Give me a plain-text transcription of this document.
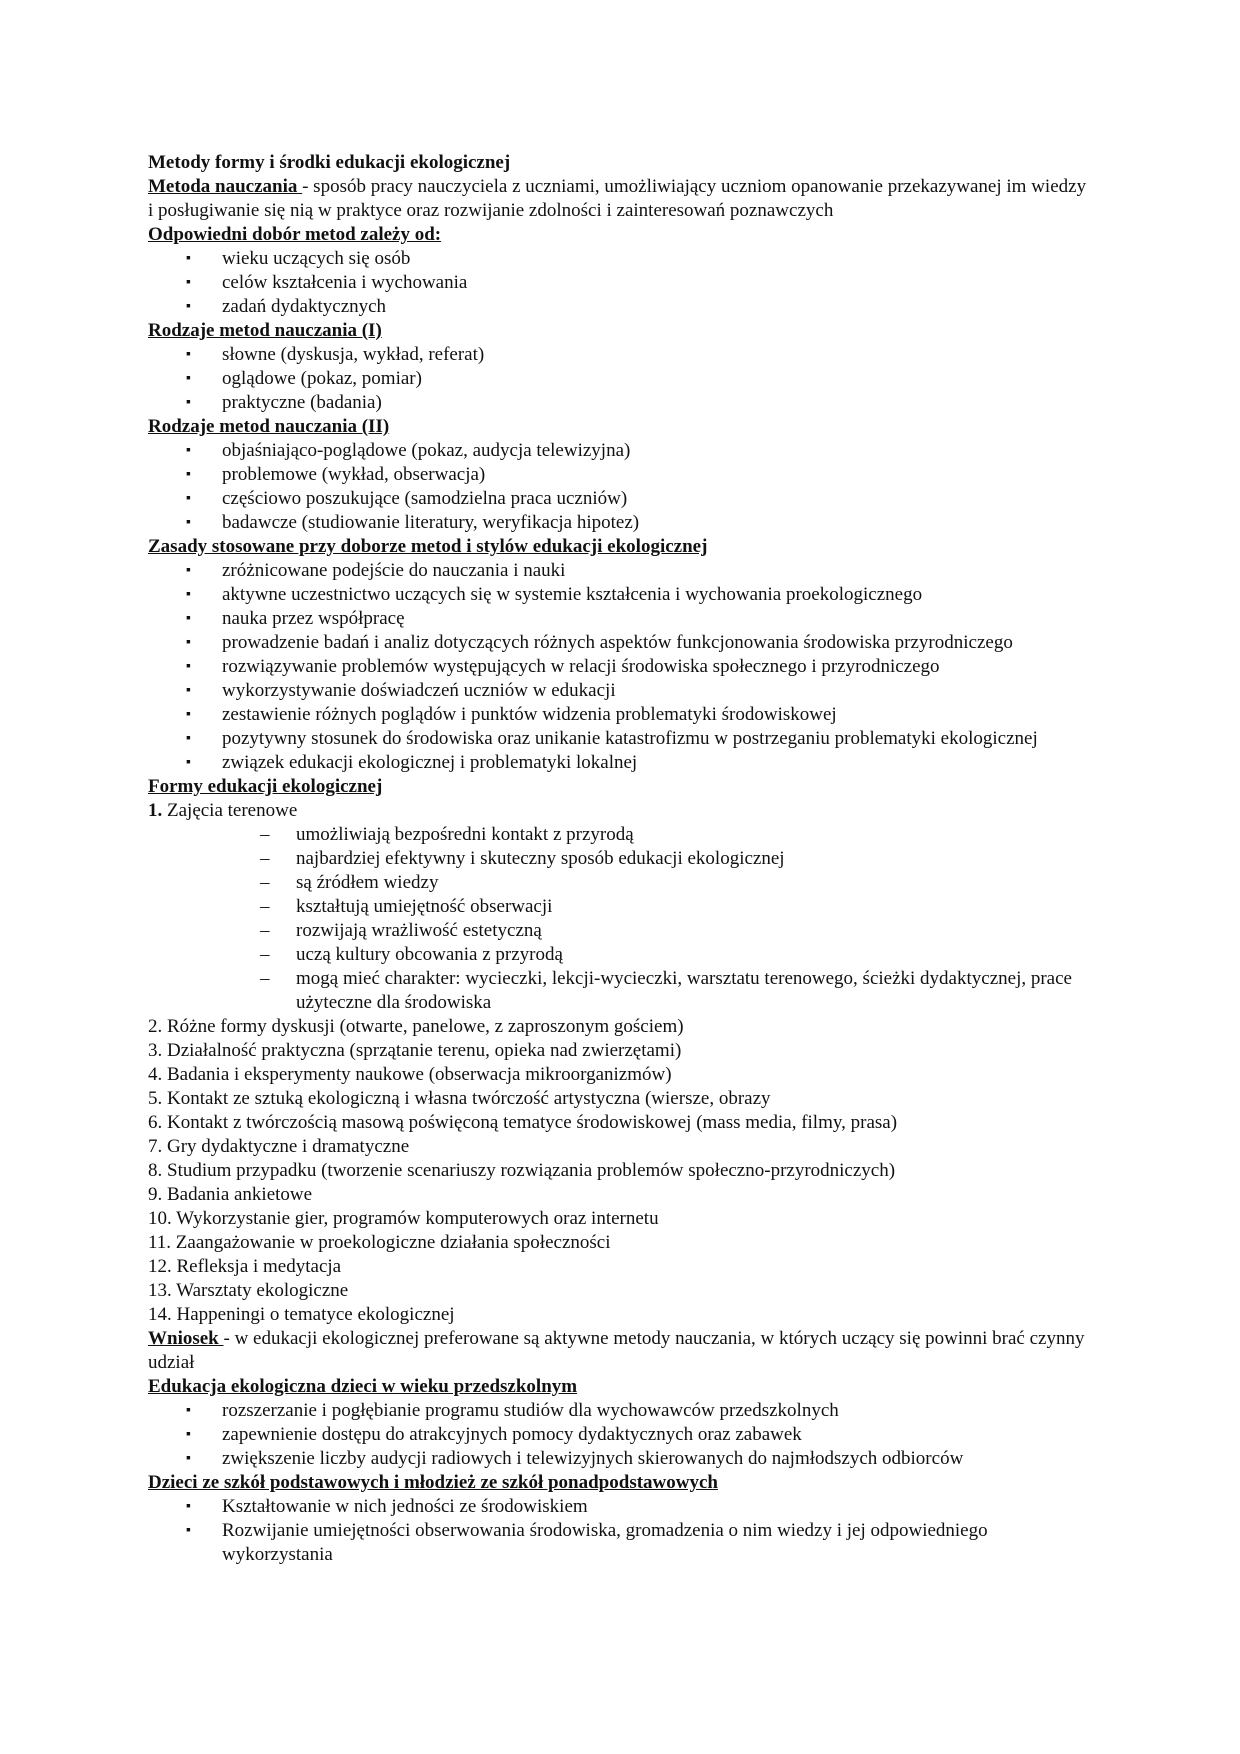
Metody formy i środki edukacji ekologicznej

Metoda nauczania - sposób pracy nauczyciela z uczniami, umożliwiający uczniom opanowanie przekazywanej im wiedzy i posługiwanie się nią w praktyce oraz rozwijanie zdolności i zainteresowań poznawczych

Odpowiedni dobór metod zależy od:

▪ wieku uczących się osób
▪ celów kształcenia i wychowania
▪ zadań dydaktycznych

Rodzaje metod nauczania (I)

▪ słowne (dyskusja, wykład, referat)
▪ oglądowe (pokaz, pomiar)
▪ praktyczne (badania)

Rodzaje metod nauczania (II)

▪ objaśniająco-poglądowe (pokaz, audycja telewizyjna)
▪ problemowe (wykład, obserwacja)
▪ częściowo poszukujące (samodzielna praca uczniów)
▪ badawcze (studiowanie literatury, weryfikacja hipotez)

Zasady stosowane przy doborze metod i stylów edukacji ekologicznej

▪ zróżnicowane podejście do nauczania i nauki
▪ aktywne uczestnictwo uczących się w systemie kształcenia i wychowania proekologicznego
▪ nauka przez współpracę
▪ prowadzenie badań i analiz dotyczących różnych aspektów funkcjonowania środowiska przyrodniczego
▪ rozwiązywanie problemów występujących w relacji środowiska społecznego i przyrodniczego
▪ wykorzystywanie doświadczeń uczniów w edukacji
▪ zestawienie różnych poglądów i punktów widzenia problematyki środowiskowej
▪ pozytywny stosunek do środowiska oraz unikanie katastrofizmu w postrzeganiu problematyki ekologicznej
▪ związek edukacji ekologicznej i problematyki lokalnej

Formy edukacji ekologicznej

1. Zajęcia terenowe

– umożliwiają bezpośredni kontakt z przyrodą
– najbardziej efektywny i skuteczny sposób edukacji ekologicznej
– są źródłem wiedzy
– kształtują umiejętność obserwacji
– rozwijają wrażliwość estetyczną
– uczą kultury obcowania z przyrodą
– mogą mieć charakter: wycieczki, lekcji-wycieczki, warsztatu terenowego, ścieżki dydaktycznej, prace użyteczne dla środowiska

2. Różne formy dyskusji (otwarte, panelowe, z zaproszonym gościem)

3. Działalność praktyczna (sprzątanie terenu, opieka nad zwierzętami)

4. Badania i eksperymenty naukowe (obserwacja mikroorganizmów)

5. Kontakt ze sztuką ekologiczną i własna twórczość artystyczna (wiersze, obrazy

6. Kontakt z twórczością masową poświęconą tematyce środowiskowej (mass media, filmy, prasa)

7. Gry dydaktyczne i dramatyczne

8. Studium przypadku (tworzenie scenariuszy rozwiązania problemów społeczno-przyrodniczych)

9. Badania ankietowe

10. Wykorzystanie gier, programów komputerowych oraz internetu

11. Zaangażowanie w proekologiczne działania społeczności

12. Refleksja i medytacja

13. Warsztaty ekologiczne

14. Happeningi o tematyce ekologicznej

Wniosek - w edukacji ekologicznej preferowane są aktywne metody nauczania, w których uczący się powinni brać czynny udział

Edukacja ekologiczna dzieci w wieku przedszkolnym

▪ rozszerzanie i pogłębianie programu studiów dla wychowawców przedszkolnych
▪ zapewnienie dostępu do atrakcyjnych pomocy dydaktycznych oraz zabawek
▪ zwiększenie liczby audycji radiowych i telewizyjnych skierowanych do najmłodszych odbiorców

Dzieci ze szkół podstawowych i młodzież ze szkół ponadpodstawowych

▪ Kształtowanie w nich jedności ze środowiskiem
▪ Rozwijanie umiejętności obserwowania środowiska, gromadzenia o nim wiedzy i jej odpowiedniego wykorzystania
